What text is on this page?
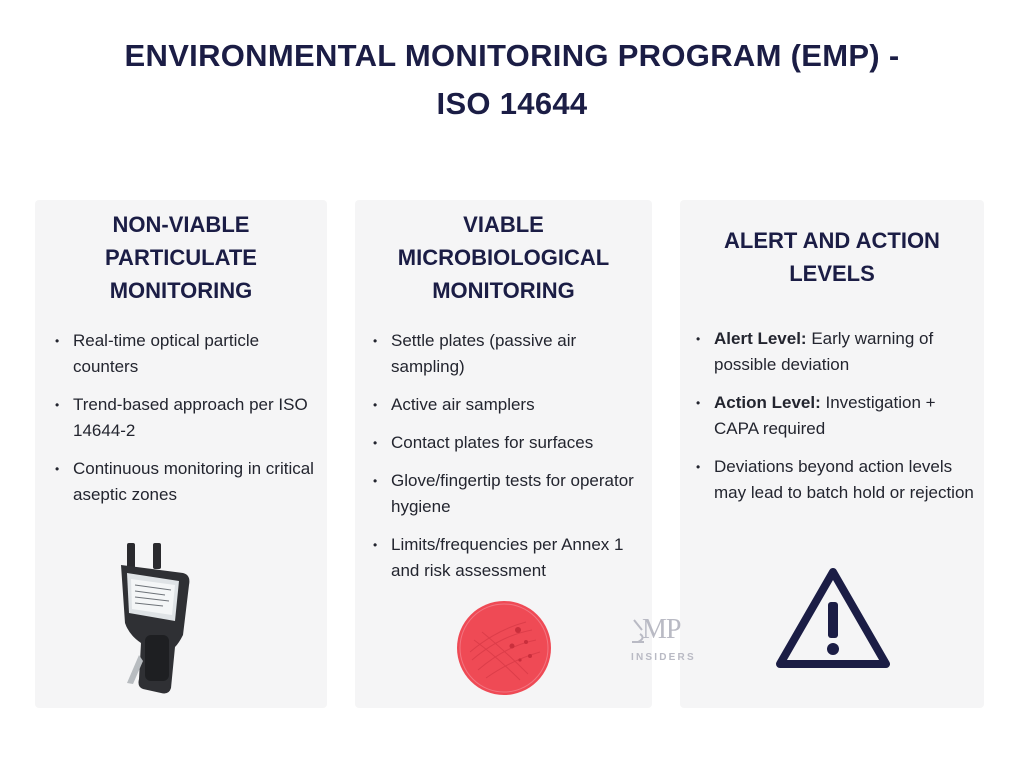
ENVIRONMENTAL MONITORING PROGRAM (EMP) -
ISO 14644
NON-VIABLE
PARTICULATE
MONITORING
• Real-time optical particle counters
• Trend-based approach per ISO 14644-2
• Continuous monitoring in critical aseptic zones
VIABLE
MICROBIOLOGICAL
MONITORING
• Settle plates (passive air sampling)
• Active air samplers
• Contact plates for surfaces
• Glove/fingertip tests for operator hygiene
• Limits/frequencies per Annex 1 and risk assessment
ALERT AND ACTION
LEVELS
• Alert Level: Early warning of possible deviation
• Action Level: Investigation + CAPA required
• Deviations beyond action levels may lead to batch hold or rejection
MP
INSIDERS
